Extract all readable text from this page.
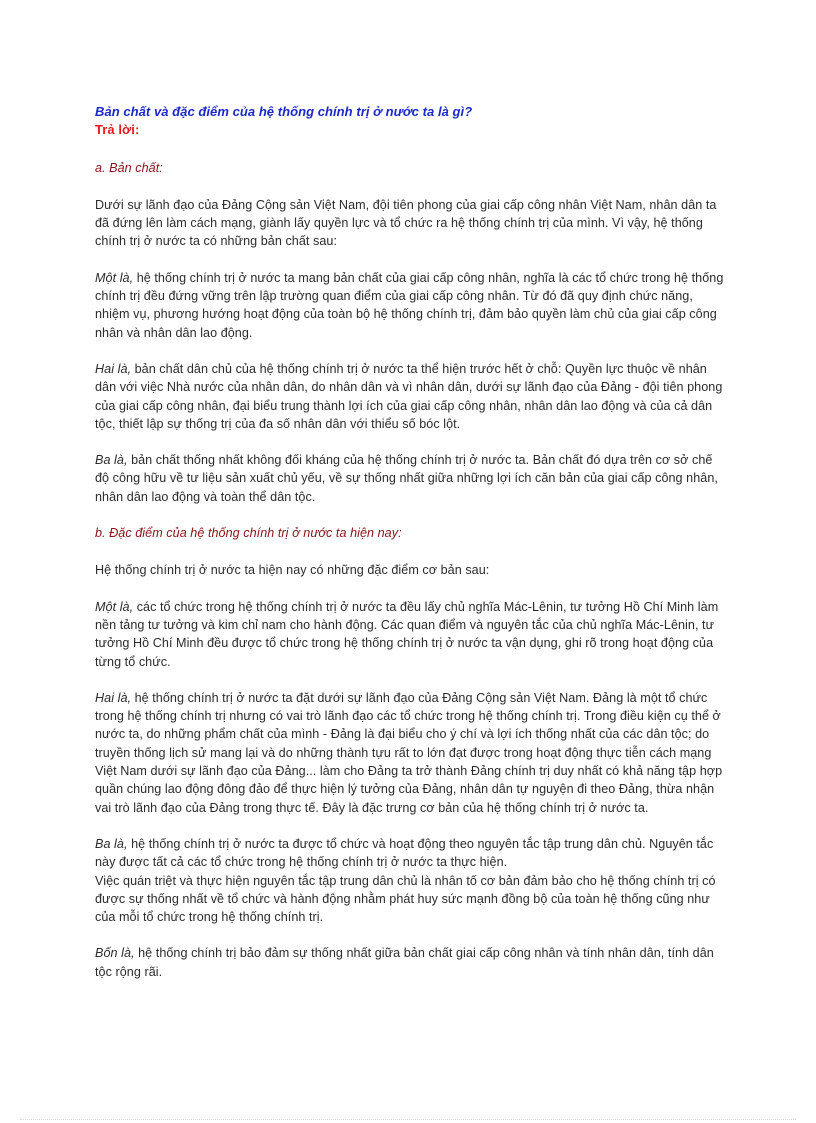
Bản chất và đặc điểm của hệ thống chính trị ở nước ta là gì?
Trả lời:
a. Bản chất:

Dưới sự lãnh đạo của Đảng Cộng sản Việt Nam, đội tiên phong của giai cấp công nhân Việt Nam, nhân dân ta đã đứng lên làm cách mạng, giành lấy quyền lực và tổ chức ra hệ thống chính trị của mình. Vì vậy, hệ thống chính trị ở nước ta có những bản chất sau:

Một là, hệ thống chính trị ở nước ta mang bản chất của giai cấp công nhân, nghĩa là các tổ chức trong hệ thống chính trị đều đứng vững trên lập trường quan điểm của giai cấp công nhân. Từ đó đã quy định chức năng, nhiệm vụ, phương hướng hoạt động của toàn bộ hệ thống chính trị, đảm bảo quyền làm chủ của giai cấp công nhân và nhân dân lao động.

Hai là, bản chất dân chủ của hệ thống chính trị ở nước ta thể hiện trước hết ở chỗ: Quyền lực thuộc về nhân dân với việc Nhà nước của nhân dân, do nhân dân và vì nhân dân, dưới sự lãnh đạo của Đảng - đội tiên phong của giai cấp công nhân, đại biểu trung thành lợi ích của giai cấp công nhân, nhân dân lao động và của cả dân tộc, thiết lập sự thống trị của đa số nhân dân với thiểu số bóc lột.

Ba là, bản chất thống nhất không đối kháng của hệ thống chính trị ở nước ta. Bản chất đó dựa trên cơ sở chế độ công hữu về tư liệu sản xuất chủ yếu, về sự thống nhất giữa những lợi ích căn bản của giai cấp công nhân, nhân dân lao động và toàn thể dân tộc.

b. Đặc điểm của hệ thống chính trị ở nước ta hiện nay:

Hệ thống chính trị ở nước ta hiện nay có những đặc điểm cơ bản sau:

Một là, các tổ chức trong hệ thống chính trị ở nước ta đều lấy chủ nghĩa Mác-Lênin, tư tưởng Hồ Chí Minh làm nền tảng tư tưởng và kim chỉ nam cho hành động. Các quan điểm và nguyên tắc của chủ nghĩa Mác-Lênin, tư tưởng Hồ Chí Minh đều được tổ chức trong hệ thống chính trị ở nước ta vận dụng, ghi rõ trong hoạt động của từng tổ chức.

Hai là, hệ thống chính trị ở nước ta đặt dưới sự lãnh đạo của Đảng Cộng sản Việt Nam. Đảng là một tổ chức trong hệ thống chính trị nhưng có vai trò lãnh đạo các tổ chức trong hệ thống chính trị. Trong điều kiện cụ thể ở nước ta, do những phẩm chất của mình - Đảng là đại biểu cho ý chí và lợi ích thống nhất của các dân tộc; do truyền thống lịch sử mang lại và do những thành tựu rất to lớn đạt được trong hoạt động thực tiễn cách mạng Việt Nam dưới sự lãnh đạo của Đảng... làm cho Đảng ta trở thành Đảng chính trị duy nhất có khả năng tập hợp quần chúng lao động đông đảo để thực hiện lý tưởng của Đảng, nhân dân tự nguyện đi theo Đảng, thừa nhận vai trò lãnh đạo của Đảng trong thực tế. Đây là đặc trưng cơ bản của hệ thống chính trị ở nước ta.

Ba là, hệ thống chính trị ở nước ta được tổ chức và hoạt động theo nguyên tắc tập trung dân chủ. Nguyên tắc này được tất cả các tổ chức trong hệ thống chính trị ở nước ta thực hiện.

Việc quán triệt và thực hiện nguyên tắc tập trung dân chủ là nhân tố cơ bản đảm bảo cho hệ thống chính trị có được sự thống nhất về tổ chức và hành động nhằm phát huy sức mạnh đồng bộ của toàn hệ thống cũng như của mỗi tổ chức trong hệ thống chính trị.

Bốn là, hệ thống chính trị bảo đảm sự thống nhất giữa bản chất giai cấp công nhân và tính nhân dân, tính dân tộc rộng rãi.
